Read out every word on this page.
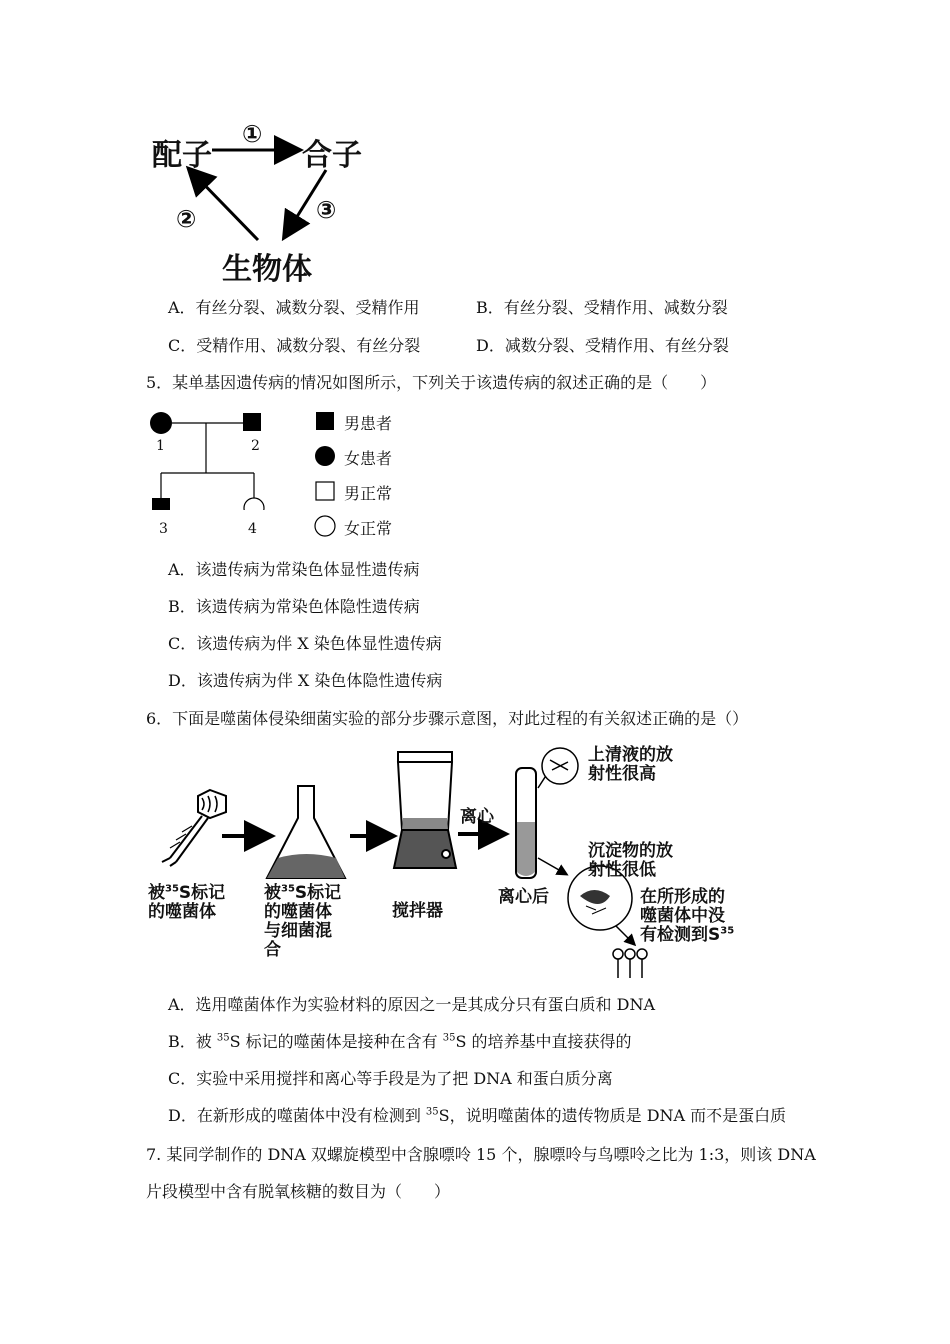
配子	合子
生物体
①
②	③
A．有丝分裂、减数分裂、受精作用	B．有丝分裂、受精作用、减数分裂
C．受精作用、减数分裂、有丝分裂	D．减数分裂、受精作用、有丝分裂
5．某单基因遗传病的情况如图所示，下列关于该遗传病的叙述正确的是（　　）
1	2
3	4
男患者
女患者
男正常
女正常
A．该遗传病为常染色体显性遗传病
B．该遗传病为常染色体隐性遗传病
C．该遗传病为伴 X 染色体显性遗传病
D．该遗传病为伴 X 染色体隐性遗传病
6．下面是噬菌体侵染细菌实验的部分步骤示意图，对此过程的有关叙述正确的是（）
被$^{35}$S标记
的噬菌体
被$^{35}$S标记
的噬菌体
与细菌混
合
搅拌器
离心
离心后
上清液的放
射性很高
沉淀物的放
射性很低
在所形成的
噬菌体中没
有检测到$S^{35}$
A．选用噬菌体作为实验材料的原因之一是其成分只有蛋白质和 DNA
B．被 $^{35}$S 标记的噬菌体是接种在含有 $^{35}$S 的培养基中直接获得的
C．实验中采用搅拌和离心等手段是为了把 DNA 和蛋白质分离
D．在新形成的噬菌体中没有检测到 $^{35}$S，说明噬菌体的遗传物质是 DNA 而不是蛋白质
7. 某同学制作的 DNA 双螺旋模型中含腺嘌呤 15 个，腺嘌呤与鸟嘌呤之比为 1:3，则该 DNA
片段模型中含有脱氧核糖的数目为（　　）
